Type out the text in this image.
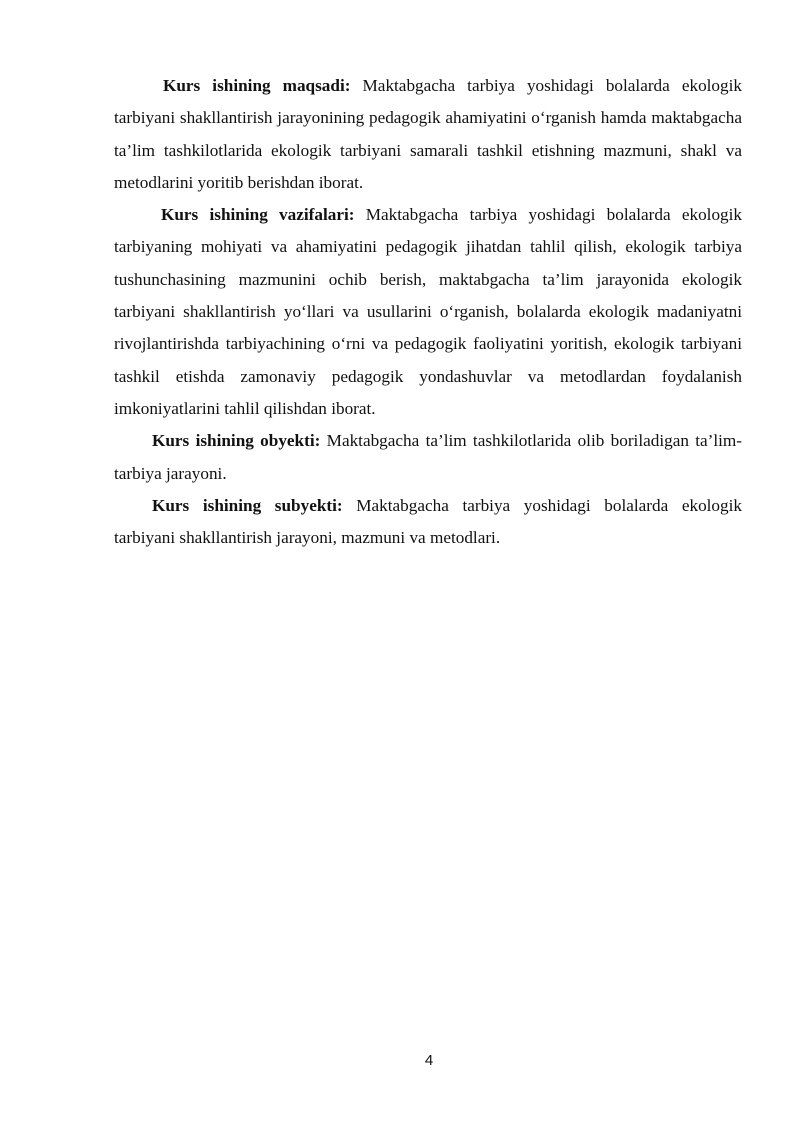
Kurs ishining maqsadi: Maktabgacha tarbiya yoshidagi bolalarda ekologik tarbiyani shakllantirish jarayonining pedagogik ahamiyatini o‘rganish hamda maktabgacha ta’lim tashkilotlarida ekologik tarbiyani samarali tashkil etishning mazmuni, shakl va metodlarini yoritib berishdan iborat.

Kurs ishining vazifalari: Maktabgacha tarbiya yoshidagi bolalarda ekologik tarbiyaning mohiyati va ahamiyatini pedagogik jihatdan tahlil qilish, ekologik tarbiya tushunchasining mazmunini ochib berish, maktabgacha ta’lim jarayonida ekologik tarbiyani shakllantirish yo‘llari va usullarini o‘rganish, bolalarda ekologik madaniyatni rivojlantirishda tarbiyachining o‘rni va pedagogik faoliyatini yoritish, ekologik tarbiyani tashkil etishda zamonaviy pedagogik yondashuvlar va metodlardan foydalanish imkoniyatlarini tahlil qilishdan iborat.

Kurs ishining obyekti: Maktabgacha ta’lim tashkilotlarida olib boriladigan ta’lim-tarbiya jarayoni.

Kurs ishining subyekti: Maktabgacha tarbiya yoshidagi bolalarda ekologik tarbiyani shakllantirish jarayoni, mazmuni va metodlari.

4
